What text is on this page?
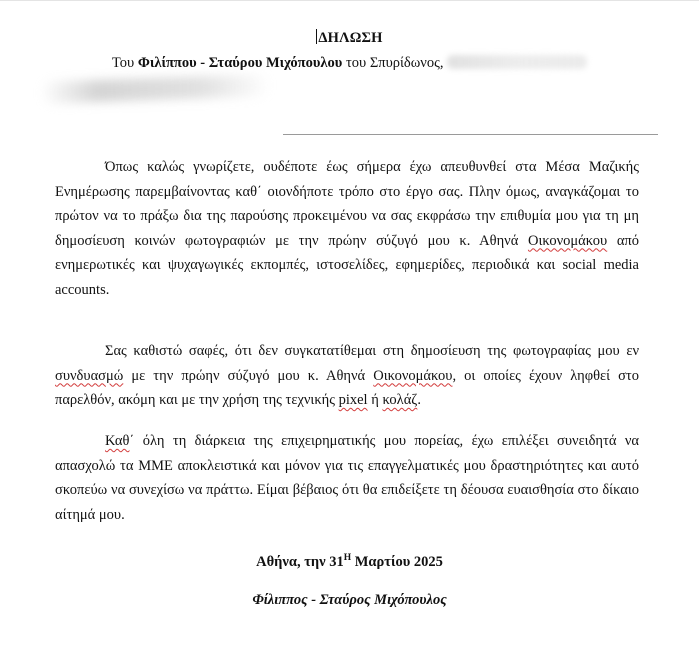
ΔΗΛΩΣΗ

Του Φιλίππου - Σταύρου Μιχόπουλου του Σπυρίδωνος,

Όπως καλώς γνωρίζετε, ουδέποτε έως σήμερα έχω απευθυνθεί στα Μέσα Μαζικής Ενημέρωσης παρεμβαίνοντας καθ΄ οιονδήποτε τρόπο στο έργο σας. Πλην όμως, αναγκάζομαι το πρώτον να το πράξω δια της παρούσης προκειμένου να σας εκφράσω την επιθυμία μου για τη μη δημοσίευση κοινών φωτογραφιών με την πρώην σύζυγό μου κ. Αθηνά Οικονομάκου από ενημερωτικές και ψυχαγωγικές εκπομπές, ιστοσελίδες, εφημερίδες, περιοδικά και social media accounts.

Σας καθιστώ σαφές, ότι δεν συγκατατίθεμαι στη δημοσίευση της φωτογραφίας μου εν συνδυασμώ με την πρώην σύζυγό μου κ. Αθηνά Οικονομάκου, οι οποίες έχουν ληφθεί στο παρελθόν, ακόμη και με την χρήση της τεχνικής pixel ή κολάζ.

Καθ΄ όλη τη διάρκεια της επιχειρηματικής μου πορείας, έχω επιλέξει συνειδητά να απασχολώ τα ΜΜΕ αποκλειστικά και μόνον για τις επαγγελματικές μου δραστηριότητες και αυτό σκοπεύω να συνεχίσω να πράττω. Είμαι βέβαιος ότι θα επιδείξετε τη δέουσα ευαισθησία στο δίκαιο αίτημά μου.

Αθήνα, την $31^H$ Μαρτίου 2025

Φίλιππος - Σταύρος Μιχόπουλος
